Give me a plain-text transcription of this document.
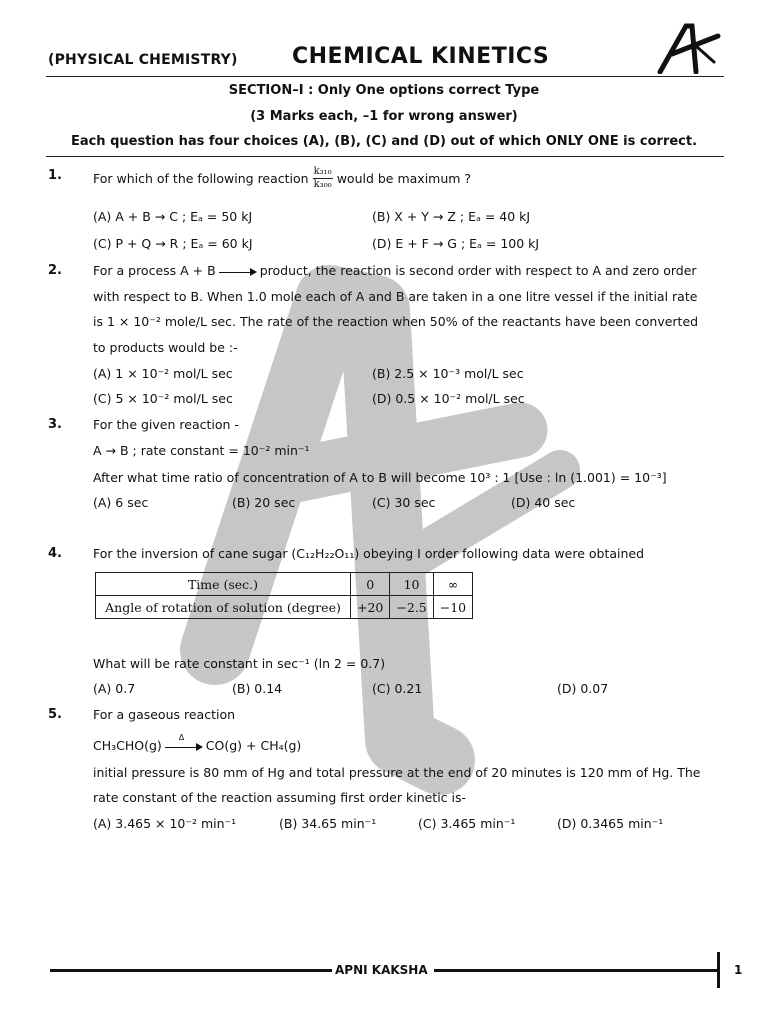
(PHYSICAL CHEMISTRY) CHEMICAL KINETICS
SECTION–I : Only One options correct Type
(3 Marks each, –1 for wrong answer)
Each question has four choices (A), (B), (C) and (D) out of which ONLY ONE is correct.
1. For which of the following reaction $\frac{\text{k₃₁₀}}{\text{k₃₀₀}}$ would be maximum ?
(A) A + B → C ; Eₐ = 50 kJ	(B) X + Y → Z ; Eₐ = 40 kJ
(C) P + Q → R ; Eₐ = 60 kJ	(D) E + F → G ; Eₐ = 100 kJ
2. For a process A + B	product, the reaction is second order with respect to A and zero order
with respect to B. When 1.0 mole each of A and B are taken in a one litre vessel if the initial rate
is 1 × 10⁻² mole/L sec. The rate of the reaction when 50% of the reactants have been converted
to products would be :-
(A) 1 × 10⁻² mol/L sec	(B) 2.5 × 10⁻³ mol/L sec
(C) 5 × 10⁻² mol/L sec	(D) 0.5 × 10⁻² mol/L sec
3. For the given reaction -
A → B ; rate constant = 10⁻² min⁻¹
After what time ratio of concentration of A to B will become 10³ : 1 [Use : ln (1.001) = 10⁻³]
(A) 6 sec	(B) 20 sec	(C) 30 sec	(D) 40 sec
4. For the inversion of cane sugar (C₁₂H₂₂O₁₁) obeying I order following data were obtained
Time (sec.)	0	10	∞
Angle of rotation of solution (degree)	+20	−2.5	−10
What will be rate constant in sec⁻¹ (ln 2 = 0.7)
(A) 0.7	(B) 0.14	(C) 0.21	(D) 0.07
5. For a gaseous reaction
CH₃CHO(g)
Δ
CO(g) + CH₄(g)
initial pressure is 80 mm of Hg and total pressure at the end of 20 minutes is 120 mm of Hg. The
rate constant of the reaction assuming first order kinetic is-
(A) 3.465 × 10⁻² min⁻¹	(B) 34.65 min⁻¹	(C) 3.465 min⁻¹	(D) 0.3465 min⁻¹
APNI KAKSHA	1
